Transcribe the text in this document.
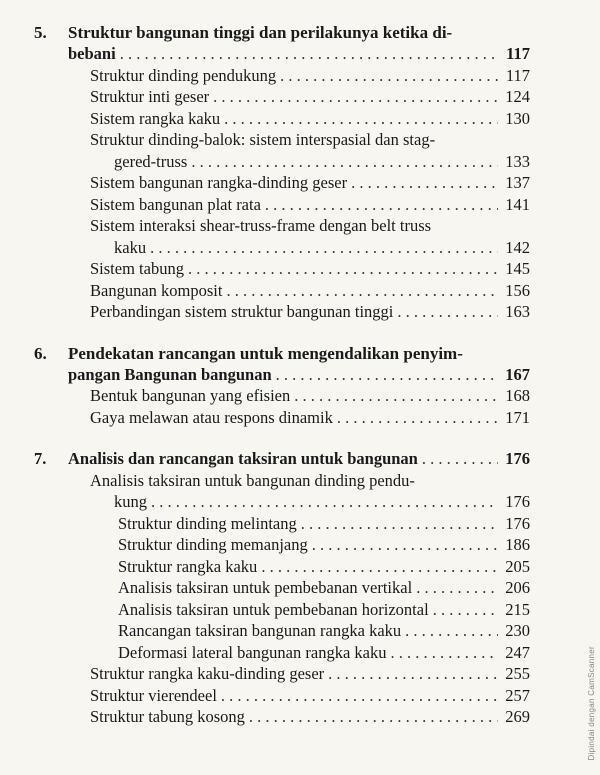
5. Struktur bangunan tinggi dan perilakunya ketika di-
bebani . . .	117
Struktur dinding pendukung . . .	117
Struktur inti geser . . .	124
Sistem rangka kaku . . .	130
Struktur dinding-balok: sistem interspasial dan stag-
gered-truss . . .	133
Sistem bangunan rangka-dinding geser . . .	137
Sistem bangunan plat rata . . .	141
Sistem interaksi shear-truss-frame dengan belt truss
kaku . . .	142
Sistem tabung . . .	145
Bangunan komposit . . .	156
Perbandingan sistem struktur bangunan tinggi . . .	163
6. Pendekatan rancangan untuk mengendalikan penyim-
pangan Bangunan bangunan . . .	167
Bentuk bangunan yang efisien . . .	168
Gaya melawan atau respons dinamik . . .	171
7. Analisis dan rancangan taksiran untuk bangunan . . .	176
Analisis taksiran untuk bangunan dinding pendu-
kung . . .	176
Struktur dinding melintang . . .	176
Struktur dinding memanjang . . .	186
Struktur rangka kaku . . .	205
Analisis taksiran untuk pembebanan vertikal . . .	206
Analisis taksiran untuk pembebanan horizontal . . .	215
Rancangan taksiran bangunan rangka kaku . . .	230
Deformasi lateral bangunan rangka kaku . . .	247
Struktur rangka kaku-dinding geser . . .	255
Struktur vierendeel . . .	257
Struktur tabung kosong . . .	269	Dipindai dengan CamScanner
